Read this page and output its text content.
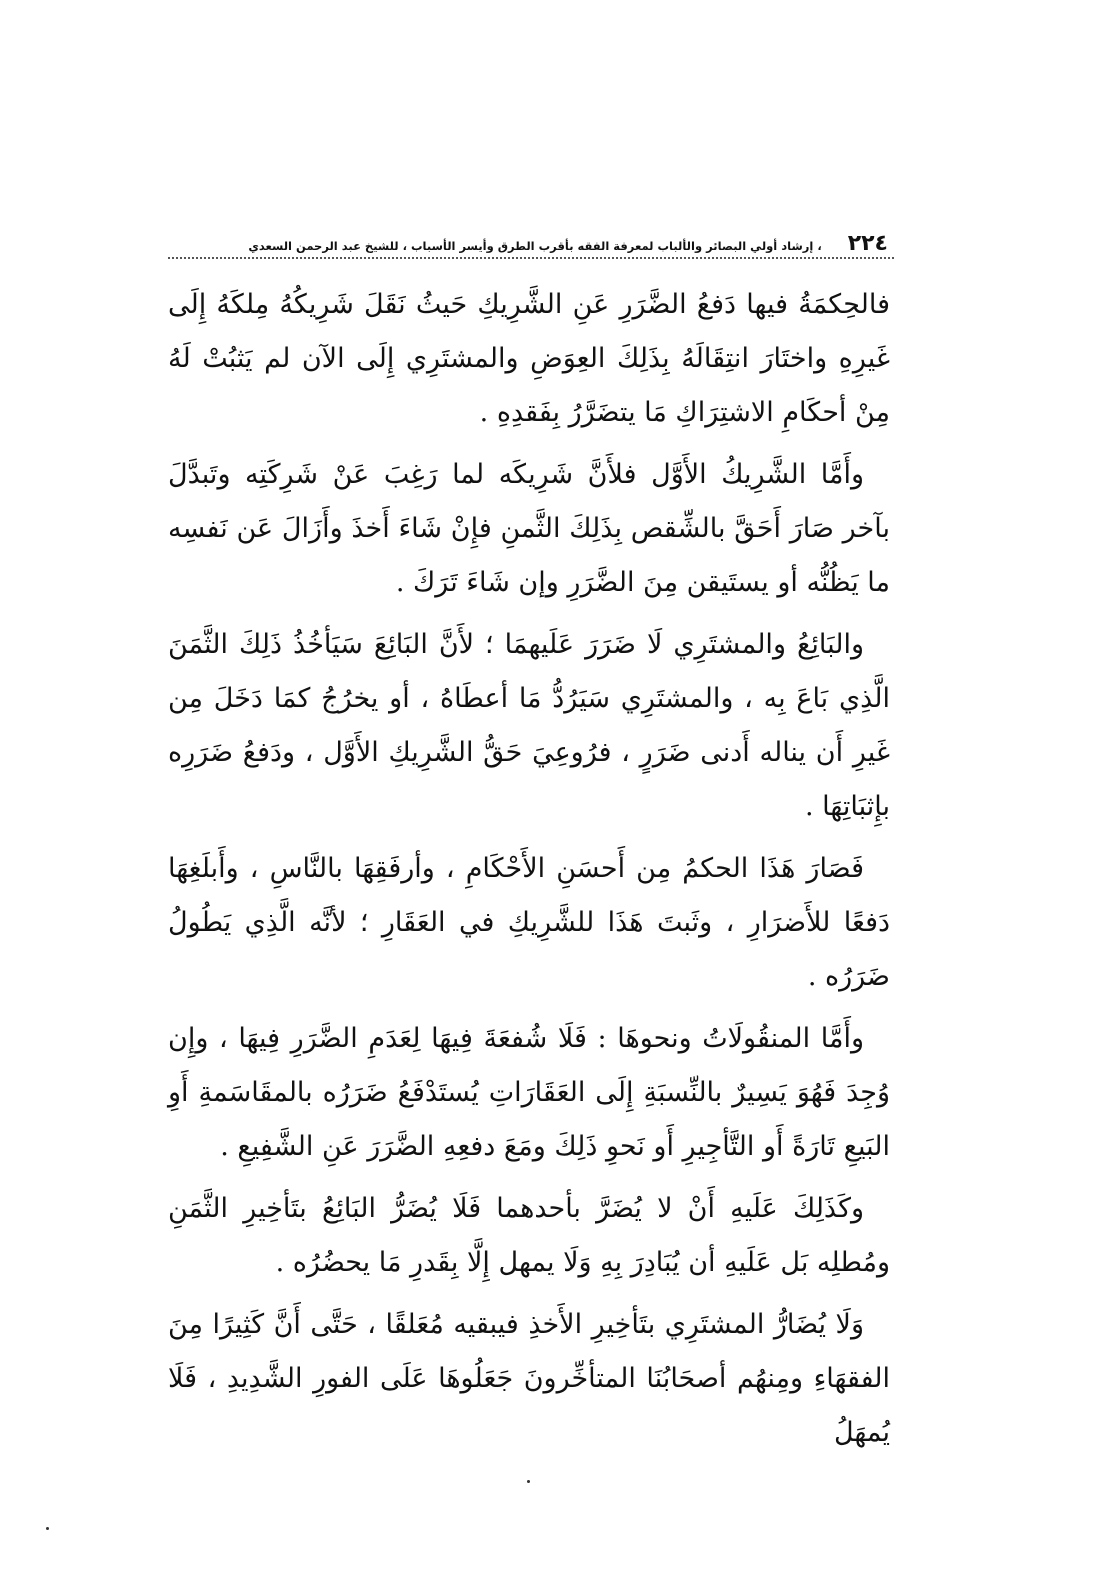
٢٢٤
، إرشاد أولي البصائر والألباب لمعرفة الفقه بأقرب الطرق وأيسر الأسباب ، للشيخ عبد الرحمن السعدي

فالحِكمَةُ فيها دَفعُ الضَّرَرِ عَنِ الشَّرِيكِ حَيثُ نَقَلَ شَرِيكُهُ مِلكَهُ إِلَى غَيرِهِ واختَارَ انتِقَالَهُ بِذَلِكَ العِوَضِ والمشتَرِي إِلَى الآن لم يَثبُتْ لَهُ مِنْ أحكَامِ الاشتِرَاكِ مَا يتضَرَّرُ بِفَقدِهِ .

وأَمَّا الشَّرِيكُ الأَوَّل فلأَنَّ شَرِيكَه لما رَغِبَ عَنْ شَرِكَتِه وتَبدَّلَ بآخر صَارَ أَحَقَّ بالشِّقص بِذَلِكَ الثَّمنِ فإِنْ شَاءَ أَخذَ وأَزَالَ عَن نَفسِه ما يَظُنُّه أو يستَيقن مِنَ الضَّرَرِ وإن شَاءَ تَرَكَ .

والبَائِعُ والمشتَرِي لَا ضَرَرَ عَلَيهمَا ؛ لأَنَّ البَائِعَ سَيَأخُذُ ذَلِكَ الثَّمَنَ الَّذِي بَاعَ بِه ، والمشتَرِي سَيَرُدُّ مَا أعطَاهُ ، أو يخرُجُ كمَا دَخَلَ مِن غَيرِ أَن يناله أَدنى ضَرَرٍ ، فرُوعِيَ حَقُّ الشَّرِيكِ الأَوَّل ، ودَفعُ ضَرَرِه بإِثبَاتِهَا .

فَصَارَ هَذَا الحكمُ مِن أَحسَنِ الأَحْكَامِ ، وأرفَقِهَا بالنَّاسِ ، وأَبلَغِهَا دَفعًا للأَضرَارِ ، وثَبتَ هَذَا للشَّرِيكِ في العَقَارِ ؛ لأنَّه الَّذِي يَطُولُ ضَرَرُه .

وأَمَّا المنقُولَاتُ ونحوهَا : فَلَا شُفعَةَ فِيهَا لِعَدَمِ الضَّرَرِ فِيهَا ، وإِن وُجِدَ فَهُوَ يَسِيرٌ بالنِّسبَةِ إِلَى العَقَارَاتِ يُستَدْفَعُ ضَرَرُه بالمقَاسَمةِ أَوِ البَيعِ تَارَةً أَو التَّأجِيرِ أَو نَحوِ ذَلِكَ ومَعَ دفعِهِ الضَّرَرَ عَنِ الشَّفِيعِ .

وكَذَلِكَ عَلَيهِ أَنْ لا يُضَرَّ بأحدهما فَلَا يُضَرُّ البَائِعُ بتَأخِيرِ الثَّمَنِ ومُطلِه بَل عَلَيهِ أن يُبَادِرَ بِهِ وَلَا يمهل إِلَّا بِقَدرِ مَا يحضُرُه .

وَلَا يُضَارُّ المشتَرِي بتَأخِيرِ الأَخذِ فيبقيه مُعَلقًا ، حَتَّى أَنَّ كَثِيرًا مِنَ الفقهَاءِ ومِنهُم أصحَابُنَا المتأخِّرونَ جَعَلُوهَا عَلَى الفورِ الشَّدِيدِ ، فَلَا يُمهَلُ
